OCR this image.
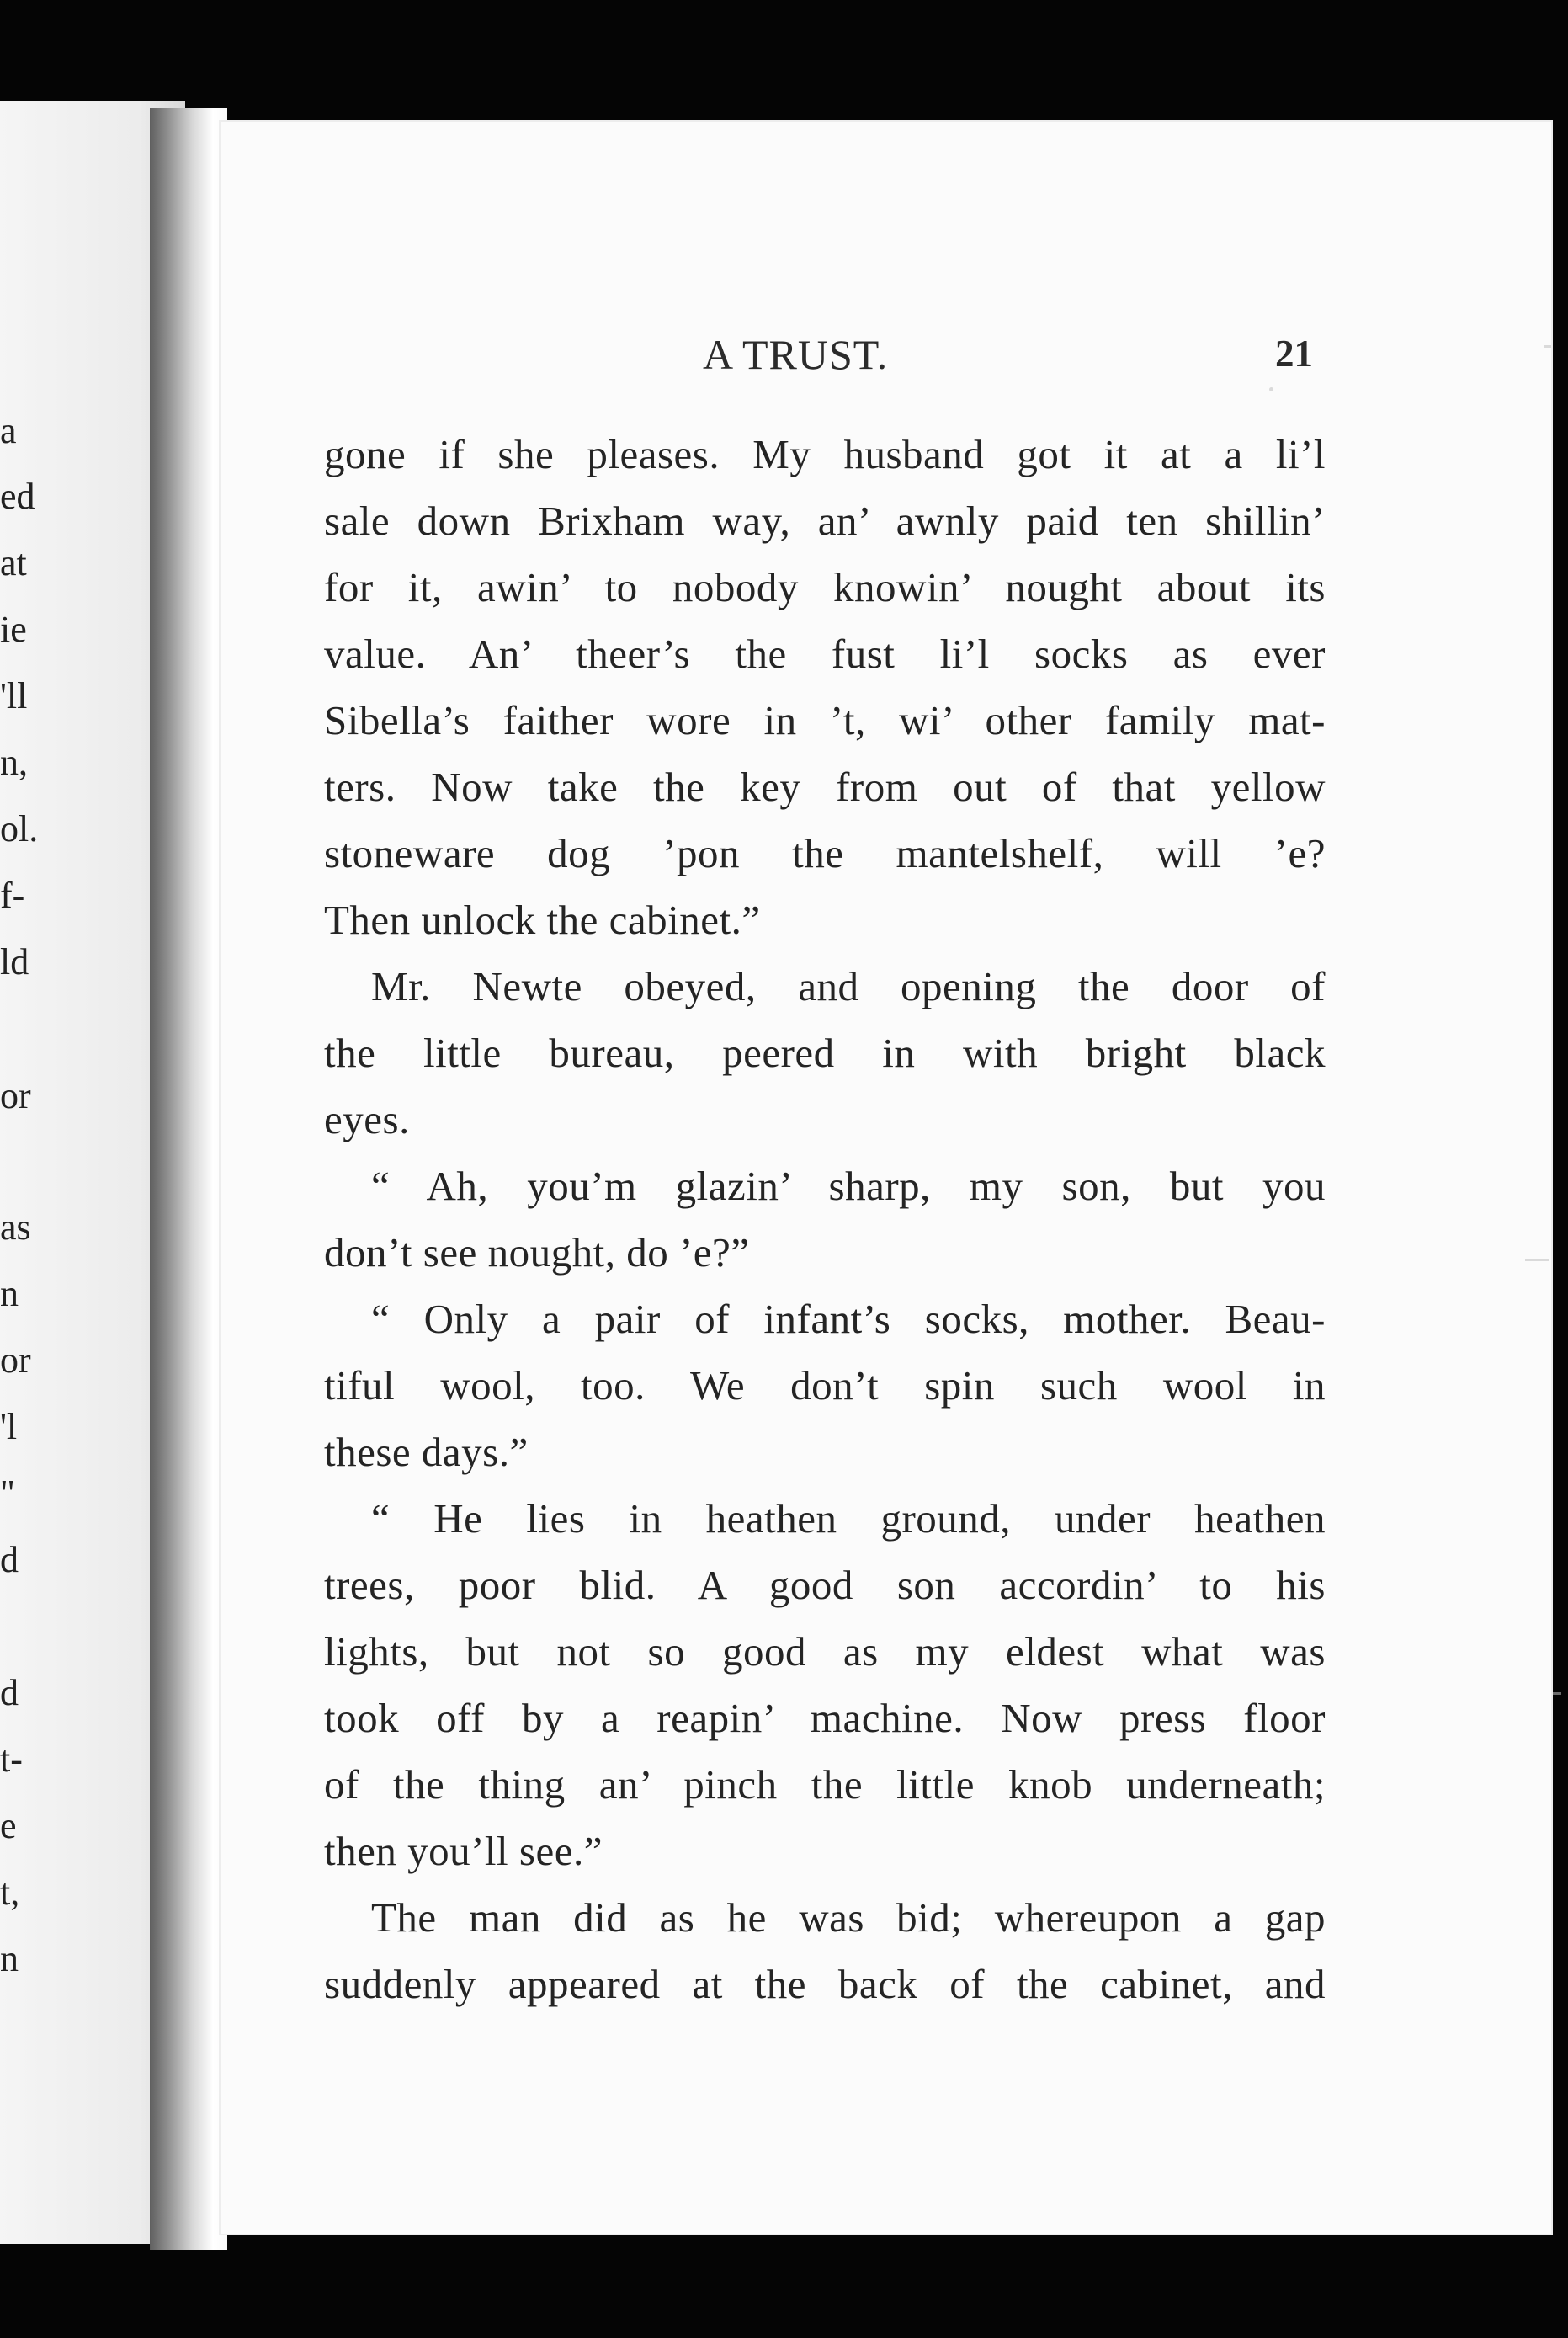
a
ed
at
ie
'll
n,
ol.
f-
ld
or
as
n
or
'l
"
d
d
t-
e
t,
n
A TRUST.	21
gone if she pleases. My husband got it at a li’l
sale down Brixham way, an’ awnly paid ten shillin’
for it, awin’ to nobody knowin’ nought about its
value. An’ theer’s the fust li’l socks as ever
Sibella’s faither wore in ’t, wi’ other family mat-
ters. Now take the key from out of that yellow
stoneware dog ’pon the mantelshelf, will ’e?
Then unlock the cabinet.”
Mr. Newte obeyed, and opening the door of
the little bureau, peered in with bright black
eyes.
“ Ah, you’m glazin’ sharp, my son, but you
don’t see nought, do ’e?”
“ Only a pair of infant’s socks, mother. Beau-
tiful wool, too. We don’t spin such wool in
these days.”
“ He lies in heathen ground, under heathen
trees, poor blid. A good son accordin’ to his
lights, but not so good as my eldest what was
took off by a reapin’ machine. Now press floor
of the thing an’ pinch the little knob underneath;
then you’ll see.”
The man did as he was bid; whereupon a gap
suddenly appeared at the back of the cabinet, and
